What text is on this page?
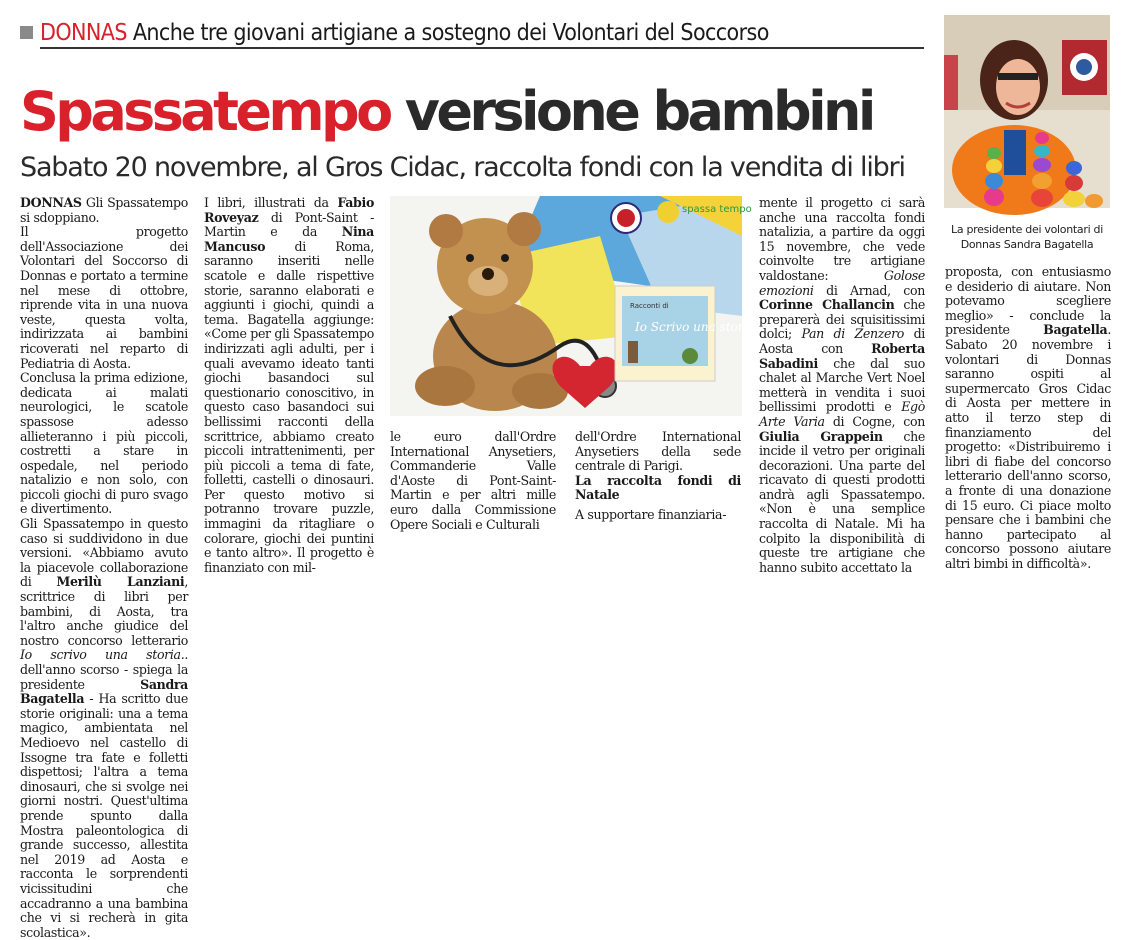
DONNAS Anche tre giovani artigiane a sostegno dei Volontari del Soccorso
Spassatempo versione bambini
Sabato 20 novembre, al Gros Cidac, raccolta fondi con la vendita di libri

DONNAS Gli Spassatempo si sdoppiano.

Il progetto dell'Associazione dei Volontari del Soccorso di Donnas e portato a termine nel mese di ottobre, riprende vita in una nuova veste, questa volta, indirizzata ai bambini ricoverati nel reparto di Pediatria di Aosta.

Conclusa la prima edizione, dedicata ai malati neurologici, le scatole spassose adesso allieteranno i più piccoli, costretti a stare in ospedale, nel periodo natalizio e non solo, con piccoli giochi di puro svago e divertimento.

Gli Spassatempo in questo caso si suddividono in due versioni. «Abbiamo avuto la piacevole collaborazione di Merilù Lanziani, scrittrice di libri per bambini, di Aosta, tra l'altro anche giudice del nostro concorso letterario Io scrivo una storia.. dell'anno scorso - spiega la presidente Sandra Bagatella - Ha scritto due storie originali: una a tema magico, ambientata nel Medioevo nel castello di Issogne tra fate e folletti dispettosi; l'altra a tema dinosauri, che si svolge nei giorni nostri. Quest'ultima prende spunto dalla Mostra paleontologica di grande successo, allestita nel 2019 ad Aosta e racconta le sorprendenti vicissitudini che accadranno a una bambina che vi si recherà in gita scolastica».

I libri, illustrati da Fabio Roveyaz di Pont-Saint -Martin e da Nina Mancuso di Roma, saranno inseriti nelle scatole e dalle rispettive storie, saranno elaborati e aggiunti i giochi, quindi a tema. Bagatella aggiunge: «Come per gli Spassatempo indirizzati agli adulti, per i quali avevamo ideato tanti giochi basandoci sul questionario conoscitivo, in questo caso basandoci sui bellissimi racconti della scrittrice, abbiamo creato piccoli intrattenimenti, per più piccoli a tema di fate, folletti, castelli o dinosauri. Per questo motivo si potranno trovare puzzle, immagini da ritagliare o colorare, giochi dei puntini e tanto altro». Il progetto è finanziato con mil-

spassa tempo
Racconti di
Io Scrivo una storia

le euro dall'Ordre International Anysetiers, Commanderie Valle d'Aoste di Pont-Saint-Martin e per altri mille euro dalla Commissione Opere Sociali e Culturali

dell'Ordre International Anysetiers della sede centrale di Parigi.

La raccolta fondi di Natale

A supportare finanziaria-

mente il progetto ci sarà anche una raccolta fondi natalizia, a partire da oggi 15 novembre, che vede coinvolte tre artigiane valdostane: Golose emozioni di Arnad, con Corinne Challancin che preparerà dei squisitissimi dolci; Pan di Zenzero di Aosta con Roberta Sabadini che dal suo chalet al Marche Vert Noel metterà in vendita i suoi bellissimi prodotti e Egò Arte Varia di Cogne, con Giulia Grappein che incide il vetro per originali decorazioni. Una parte del ricavato di questi prodotti andrà agli Spassatempo. «Non è una semplice raccolta di Natale. Mi ha colpito la disponibilità di queste tre artigiane che hanno subito accettato la

La presidente dei volontari di Donnas Sandra Bagatella

proposta, con entusiasmo e desiderio di aiutare. Non potevamo scegliere meglio» - conclude la presidente Bagatella. Sabato 20 novembre i volontari di Donnas saranno ospiti al supermercato Gros Cidac di Aosta per mettere in atto il terzo step di finanziamento del progetto: «Distribuiremo i libri di fiabe del concorso letterario dell'anno scorso, a fronte di una donazione di 15 euro. Ci piace molto pensare che i bambini che hanno partecipato al concorso possono aiutare altri bimbi in difficoltà».
